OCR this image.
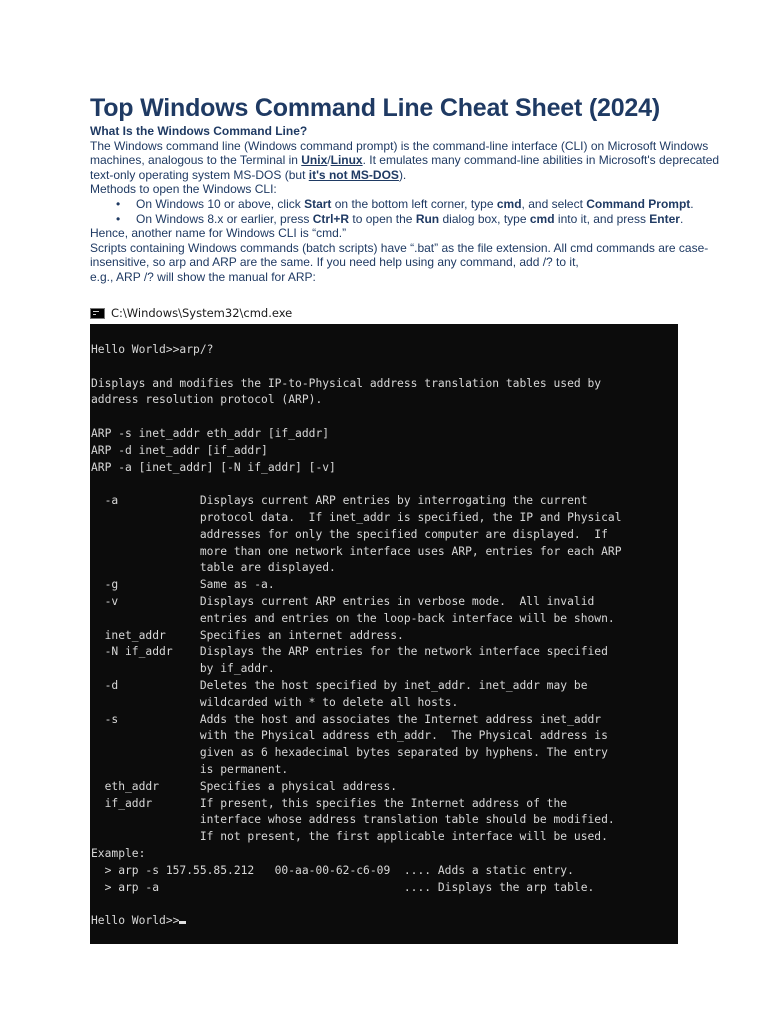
Top Windows Command Line Cheat Sheet (2024)

What Is the Windows Command Line?

The Windows command line (Windows command prompt) is the command-line interface (CLI) on Microsoft Windows machines, analogous to the Terminal in Unix/Linux. It emulates many command-line abilities in Microsoft's deprecated text-only operating system MS-DOS (but it's not MS-DOS).

Methods to open the Windows CLI:

• On Windows 10 or above, click Start on the bottom left corner, type cmd, and select Command Prompt.
• On Windows 8.x or earlier, press Ctrl+R to open the Run dialog box, type cmd into it, and press Enter.

Hence, another name for Windows CLI is “cmd.”

Scripts containing Windows commands (batch scripts) have “.bat” as the file extension. All cmd commands are case-insensitive, so arp and ARP are the same. If you need help using any command, add /? to it,

e.g., ARP /? will show the manual for ARP:

C:\Windows\System32\cmd.exe
Hello World>>arp/?
Displays and modifies the IP-to-Physical address translation tables used by
address resolution protocol (ARP).
ARP -s inet_addr eth_addr [if_addr]
ARP -d inet_addr [if_addr]
ARP -a [inet_addr] [-N if_addr] [-v]
-a            Displays current ARP entries by interrogating the current
protocol data.  If inet_addr is specified, the IP and Physical
addresses for only the specified computer are displayed.  If
more than one network interface uses ARP, entries for each ARP
table are displayed.
-g            Same as -a.
-v            Displays current ARP entries in verbose mode.  All invalid
entries and entries on the loop-back interface will be shown.
inet_addr     Specifies an internet address.
-N if_addr    Displays the ARP entries for the network interface specified
by if_addr.
-d            Deletes the host specified by inet_addr. inet_addr may be
wildcarded with * to delete all hosts.
-s            Adds the host and associates the Internet address inet_addr
with the Physical address eth_addr.  The Physical address is
given as 6 hexadecimal bytes separated by hyphens. The entry
is permanent.
eth_addr      Specifies a physical address.
if_addr       If present, this specifies the Internet address of the
interface whose address translation table should be modified.
If not present, the first applicable interface will be used.
Example:
> arp -s 157.55.85.212   00-aa-00-62-c6-09  .... Adds a static entry.
> arp -a                                    .... Displays the arp table.
Hello World>>
